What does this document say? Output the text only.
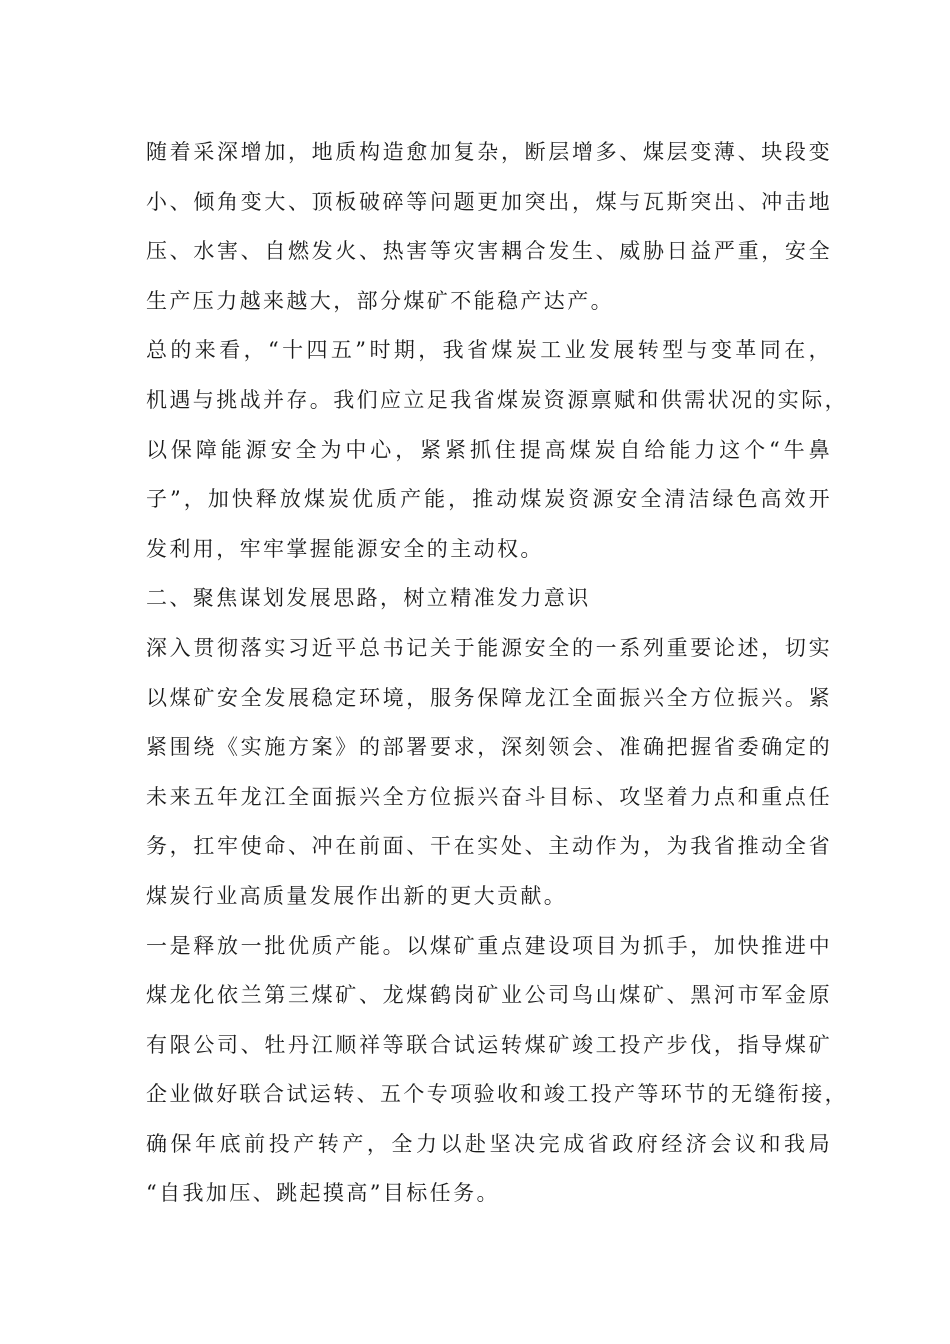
随着采深增加，地质构造愈加复杂，断层增多、煤层变薄、块段变
小、倾角变大、顶板破碎等问题更加突出，煤与瓦斯突出、冲击地
压、水害、自燃发火、热害等灾害耦合发生、威胁日益严重，安全
生产压力越来越大，部分煤矿不能稳产达产。
总的来看，“十四五”时期，我省煤炭工业发展转型与变革同在，
机遇与挑战并存。我们应立足我省煤炭资源禀赋和供需状况的实际，
以保障能源安全为中心，紧紧抓住提高煤炭自给能力这个“牛鼻
子”，加快释放煤炭优质产能，推动煤炭资源安全清洁绿色高效开
发利用，牢牢掌握能源安全的主动权。
二、聚焦谋划发展思路，树立精准发力意识
深入贯彻落实习近平总书记关于能源安全的一系列重要论述，切实
以煤矿安全发展稳定环境，服务保障龙江全面振兴全方位振兴。紧
紧围绕《实施方案》的部署要求，深刻领会、准确把握省委确定的
未来五年龙江全面振兴全方位振兴奋斗目标、攻坚着力点和重点任
务，扛牢使命、冲在前面、干在实处、主动作为，为我省推动全省
煤炭行业高质量发展作出新的更大贡献。
一是释放一批优质产能。以煤矿重点建设项目为抓手，加快推进中
煤龙化依兰第三煤矿、龙煤鹤岗矿业公司鸟山煤矿、黑河市军金原
有限公司、牡丹江顺祥等联合试运转煤矿竣工投产步伐，指导煤矿
企业做好联合试运转、五个专项验收和竣工投产等环节的无缝衔接，
确保年底前投产转产，全力以赴坚决完成省政府经济会议和我局
“自我加压、跳起摸高”目标任务。
